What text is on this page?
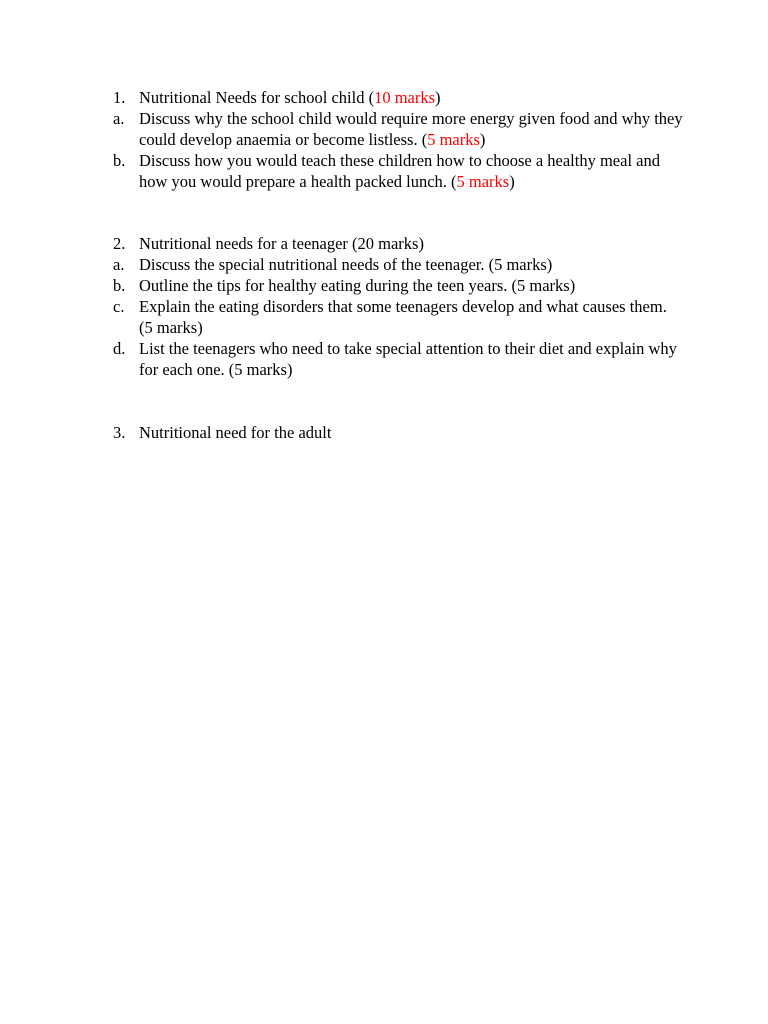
1. Nutritional Needs for school child (10 marks)
a. Discuss why the school child would require more energy given food and why they could develop anaemia or become listless. (5 marks)
b. Discuss how you would teach these children how to choose a healthy meal and how you would prepare a health packed lunch. (5 marks)
2. Nutritional needs for a teenager (20 marks)
a. Discuss the special nutritional needs of the teenager. (5 marks)
b. Outline the tips for healthy eating during the teen years. (5 marks)
c. Explain the eating disorders that some teenagers develop and what causes them. (5 marks)
d. List the teenagers who need to take special attention to their diet and explain why for each one. (5 marks)
3. Nutritional need for the adult
